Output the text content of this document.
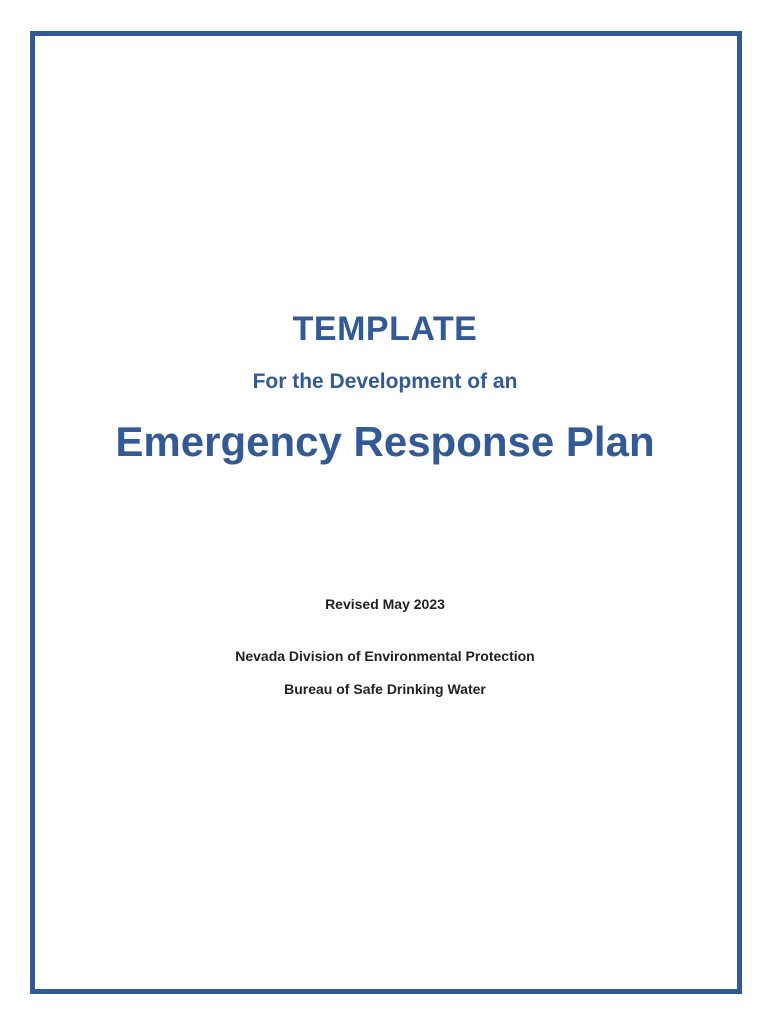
TEMPLATE
For the Development of an
Emergency Response Plan
Revised May 2023
Nevada Division of Environmental Protection
Bureau of Safe Drinking Water
